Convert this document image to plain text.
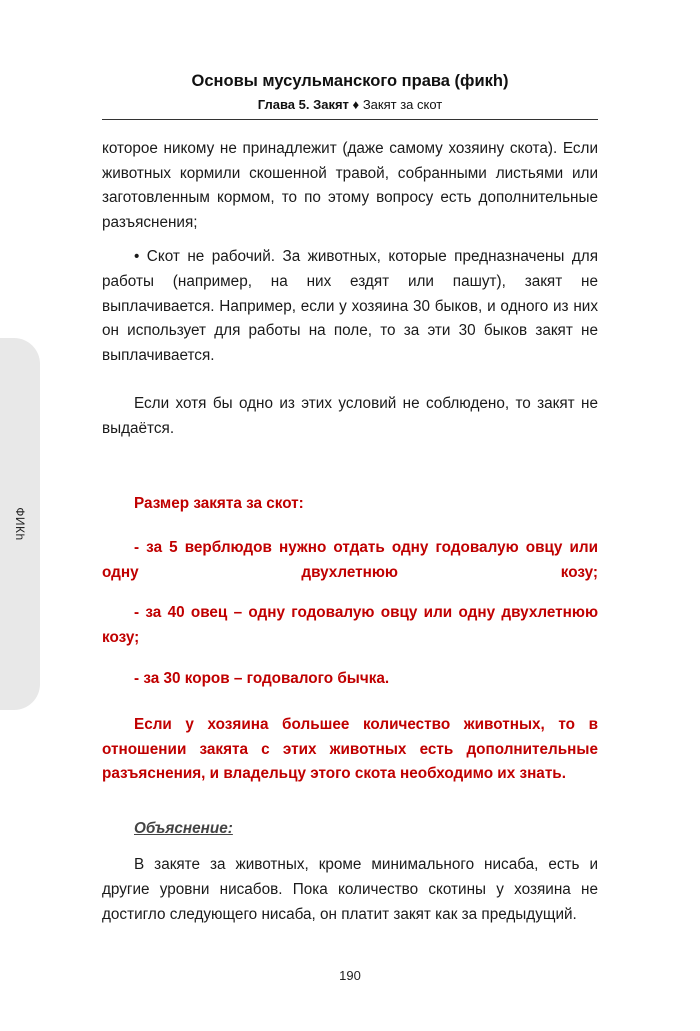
ФИКh
Основы мусульманского права (фикh)
Глава 5. Закят ♦ Закят за скот

которое никому не принадлежит (даже самому хозяину скота). Если животных кормили скошенной травой, собранными листьями или заготовленным кормом, то по этому вопросу есть дополнительные разъяснения;

• Скот не рабочий. За животных, которые предназначены для работы (например, на них ездят или пашут), закят не выплачивается. Например, если у хозяина 30 быков, и одного из них он использует для работы на поле, то за эти 30 быков закят не выплачивается.

Если хотя бы одно из этих условий не соблюдено, то закят не выдаётся.

Размер закята за скот:

- за 5 верблюдов нужно отдать одну годовалую овцу или одну двухлетнюю козу;

- за 40 овец – одну годовалую овцу или одну двухлетнюю козу;

- за 30 коров – годовалого бычка.

Если у хозяина большее количество животных, то в отношении закята с этих животных есть дополнительные разъяснения, и владельцу этого скота необходимо их знать.

Объяснение:

В закяте за животных, кроме минимального нисаба, есть и другие уровни нисабов. Пока количество скотины у хозяина не достигло следующего нисаба, он платит закят как за предыдущий.

190
